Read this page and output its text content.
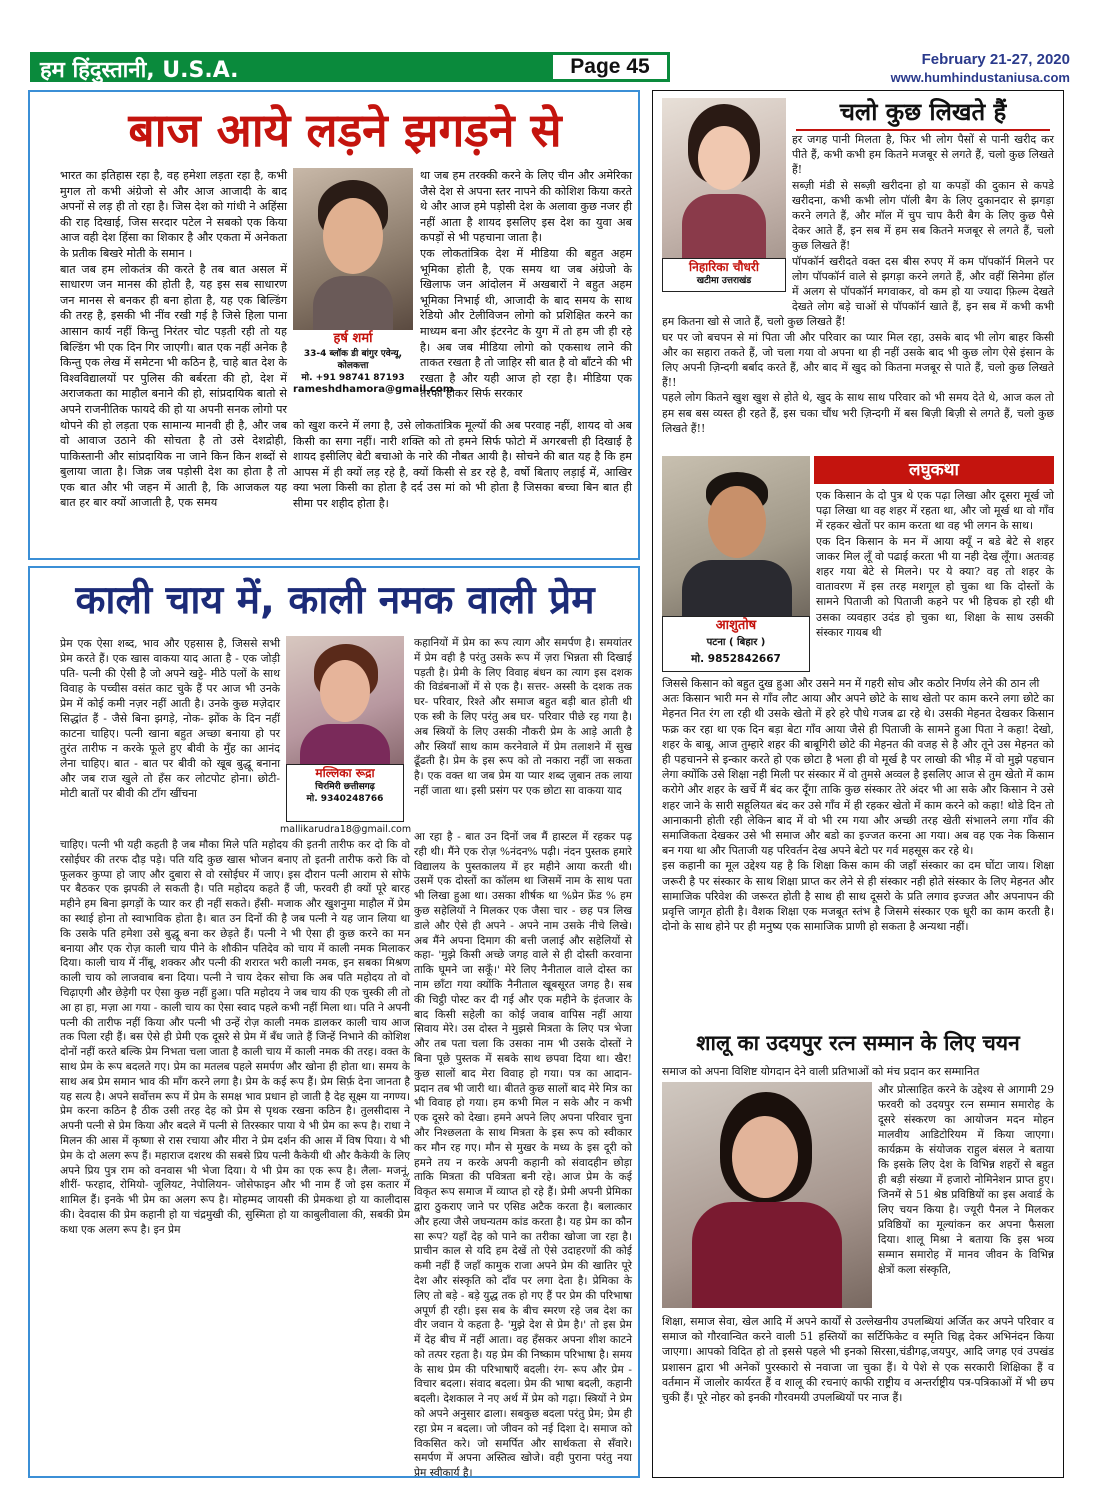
हम हिंदुस्तानी, U.S.A.	Page 45	February 21-27, 2020
www.humhindustaniusa.com
बाज आये लड़ने झगड़ने से
भारत का इतिहास रहा है, वह हमेशा लड़ता रहा है, कभी मुगल तो कभी अंग्रेजो से और आज आजादी के बाद अपनों से लड़ ही तो रहा है। जिस देश को गांधी ने अहिंसा की राह दिखाई, जिस सरदार पटेल ने सबको एक किया आज वही देश हिंसा का शिकार है और एकता में अनेकता के प्रतीक बिखरे मोती के समान ।
बात जब हम लोकतंत्र की करते है तब बात असल में साधारण जन मानस की होती है, यह इस सब साधारण जन मानस से बनकर ही बना होता है, यह एक बिल्डिंग की तरह है, इसकी भी नींव रखी गई है जिसे हिला पाना आसान कार्य नहीं किन्तु निरंतर चोट पड़ती रही तो यह बिल्डिंग भी एक दिन गिर जाएगी। बात एक नहीं अनेक है किन्तु एक लेख में समेटना भी कठिन है, चाहे बात देश के विश्वविद्यालयों पर पुलिस की बर्बरता की हो, देश में अराजकता का माहौल बनाने की हो, सांप्रदायिक बातो से अपने राजनीतिक फायदे की हो या अपनी सनक लोगो पर थोपने की हो लड़ता एक सामान्य मानवी ही है, और जब वो आवाज उठाने की सोचता है तो उसे देशद्रोही, पाकिस्तानी और सांप्रदायिक ना जाने किन किन शब्दों से बुलाया जाता है। जिक्र जब पड़ोसी देश का होता है तो एक बात और भी जहन में आती है, कि आजकल यह बात हर बार क्यों आजाती है, एक समय
हर्ष शर्मा
33-4 ब्लॉक डी बांगुर एवेन्यू, कोलकत्ता
मो. +91 98741 87193
rameshdhamora@gmail.com
था जब हम तरक्की करने के लिए चीन और अमेरिका जैसे देश से अपना स्तर नापने की कोशिश किया करते थे और आज हमे पड़ोसी देश के अलावा कुछ नजर ही नहीं आता है शायद इसलिए इस देश का युवा अब कपड़ों से भी पहचाना जाता है।
एक लोकतांत्रिक देश में मीडिया की बहुत अहम भूमिका होती है, एक समय था जब अंग्रेजो के खिलाफ जन आंदोलन में अखबारों ने बहुत अहम भूमिका निभाई थी, आजादी के बाद समय के साथ रेडियो और टेलीविजन लोगो को प्रशिक्षित करने का माध्यम बना और इंटरनेट के युग में तो हम जी ही रहे है। अब जब मीडिया लोगो को एकसाथ लाने की ताकत रखता है तो जाहिर सी बात है वो बाँटने की भी रखता है और यही आज हो रहा है। मीडिया एक तरफा होकर सिर्फ सरकार
को खुश करने में लगा है, उसे लोकतांत्रिक मूल्यों की अब परवाह नहीं, शायद वो अब किसी का सगा नहीं। नारी शक्ति को तो हमने सिर्फ फोटो में अगरबत्ती ही दिखाई है शायद इसीलिए बेटी बचाओ के नारे की नौबत आयी है। सोचने की बात यह है कि हम आपस में ही क्यों लड़ रहे है, क्यों किसी से डर रहे है, वर्षो बिताए लड़ाई में, आखिर क्या भला किसी का होता है दर्द उस मां को भी होता है जिसका बच्चा बिन बात ही सीमा पर शहीद होता है।
काली चाय में, काली नमक वाली प्रेम
प्रेम एक ऐसा शब्द, भाव और एहसास है, जिससे सभी प्रेम करते हैं। एक खास वाकया याद आता है - एक जोड़ी पति- पत्नी की ऐसी है जो अपने खट्टे- मीठे पलों के साथ विवाह के पच्चीस वसंत काट चुके हैं पर आज भी उनके प्रेम में कोई कमी नज़र नहीं आती है। उनके कुछ मज़ेदार सिद्धांत हैं - जैसे बिना झगड़े, नोक- झोंक के दिन नहीं काटना चाहिए। पत्नी खाना बहुत अच्छा बनाया हो पर तुरंत तारीफ न करके फूले हुए बीवी के मुँह का आनंद लेना चाहिए। बात - बात पर बीवी को खूब बुद्धू बनाना और जब राज खुले तो हँस कर लोटपोट होना। छोटी- मोटी बातों पर बीवी की टाँग खींचना
मल्लिका रूद्रा
चिरमिरी छत्तीसगढ़
मो. 9340248766
mallikarudra18@gmail.com
चाहिए। पत्नी भी यही कहती है जब मौका मिले पति महोदय की इतनी तारीफ कर दो कि वो रसोईघर की तरफ दौड़ पड़े। पति यदि कुछ खास भोजन बनाए तो इतनी तारीफ करो कि वो फूलकर कुप्पा हो जाए और दुबारा से वो रसोईघर में जाए। इस दौरान पत्नी आराम से सोफे पर बैठकर एक झपकी ले सकती है। पति महोदय कहते हैं जी, फरवरी ही क्यों पूरे बारह महीने हम बिना झगड़ों के प्यार कर ही नहीं सकते। हँसी- मजाक और खुशनुमा माहौल में प्रेम का स्थाई होना तो स्वाभाविक होता है। बात उन दिनों की है जब पत्नी ने यह जान लिया था कि उसके पति हमेशा उसे बुद्धू बना कर छेड़ते हैं। पत्नी ने भी ऐसा ही कुछ करने का मन बनाया और एक रोज़ काली चाय पीने के शौकीन पतिदेव को चाय में काली नमक मिलाकर दिया। काली चाय में नींबू, शक्कर और पत्नी की शरारत भरी काली नमक, इन सबका मिश्रण काली चाय को लाजवाब बना दिया। पत्नी ने चाय देकर सोचा कि अब पति महोदय तो वो चिढ़ाएगी और छेड़ेगी पर ऐसा कुछ नहीं हुआ। पति महोदय ने जब चाय की एक चुस्की ली तो आ हा हा, मज़ा आ गया - काली चाय का ऐसा स्वाद पहले कभी नहीं मिला था। पति ने अपनी पत्नी की तारीफ नहीं किया और पत्नी भी उन्हें रोज़ काली नमक डालकर काली चाय आज तक पिला रही हैं। बस ऐसे ही प्रेमी एक दूसरे से प्रेम में बँध जाते हैं जिन्हें निभाने की कोशिश दोनों नहीं करते बल्कि प्रेम निभता चला जाता है काली चाय में काली नमक की तरह। वक्त के साथ प्रेम के रूप बदलते गए। प्रेम का मतलब पहले समर्पण और खोना ही होता था। समय के साथ अब प्रेम समान भाव की माँग करने लगा है। प्रेम के कई रूप हैं। प्रेम सिर्फ़ देना जानता है यह सत्य है। अपने सर्वोत्तम रूप में प्रेम के समक्ष भाव प्रधान हो जाती है देह सूक्ष्म या नगण्य। प्रेम करना कठिन है ठीक उसी तरह देह को प्रेम से पृथक रखना कठिन है। तुलसीदास ने अपनी पत्नी से प्रेम किया और बदले में पत्नी से तिरस्कार पाया ये भी प्रेम का रूप है। राधा ने मिलन की आस में कृष्णा से रास रचाया और मीरा ने प्रेम दर्शन की आस में विष पिया। ये भी प्रेम के दो अलग रूप हैं। महाराज दशरथ की सबसे प्रिय पत्नी कैकेयी थी और कैकेयी के लिए अपने प्रिय पुत्र राम को वनवास भी भेजा दिया। ये भी प्रेम का एक रूप है। लैला- मजनूं, शीरीं- फरहाद, रोमियो- जूलियट, नेपोलियन- जोसेफाइन और भी नाम हैं जो इस कतार में शामिल हैं। इनके भी प्रेम का अलग रूप है। मोहम्मद जायसी की प्रेमकथा हो या कालीदास की। देवदास की प्रेम कहानी हो या चंद्रमुखी की, सुस्मिता हो या काबुलीवाला की, सबकी प्रेम कथा एक अलग रूप है। इन प्रेम
कहानियों में प्रेम का रूप त्याग और समर्पण है। समयांतर में प्रेम वही है परंतु उसके रूप में ज़रा भिन्नता सी दिखाई पड़ती है। प्रेमी के लिए विवाह बंधन का त्याग इस दशक की विडंबनाओं में से एक है। सत्तर- अस्सी के दशक तक घर- परिवार, रिश्ते और समाज बहुत बड़ी बात होती थी एक स्त्री के लिए परंतु अब घर- परिवार पीछे रह गया है। अब स्त्रियों के लिए उसकी नौकरी प्रेम के आड़े आती है और स्त्रियाँ साथ काम करनेवाले में प्रेम तलाशने में सुख ढूँढती है। प्रेम के इस रूप को तो नकारा नहीं जा सकता है। एक वक्त था जब प्रेम या प्यार शब्द ज़ुबान तक लाया नहीं जाता था। इसी प्रसंग पर एक छोटा सा वाकया याद
आ रहा है - बात उन दिनों जब मैं हास्टल में रहकर पढ़ रही थी। मैंने एक रोज़ %नंदन% पढ़ी। नंदन पुस्तक हमारे विद्यालय के पुस्तकालय में हर महीने आया करती थी। उसमें एक दोस्तों का कॉलम था जिसमें नाम के साथ पता भी लिखा हुआ था। उसका शीर्षक था %प्रेन फ्रेंड % हम कुछ सहेलियों ने मिलकर एक जैसा चार - छह पत्र लिख डाले और ऐसे ही अपने - अपने नाम उसके नीचे लिखे। अब मैंने अपना दिमाग की बत्ती जलाई और सहेलियों से कहा- 'मुझे किसी अच्छे जगह वाले से ही दोस्ती करवाना ताकि घूमने जा सकूँ।' मेरे लिए नैनीताल वाले दोस्त का नाम छाँटा गया क्योंकि नैनीताल खूबसूरत जगह है। सब की चिट्ठी पोस्ट कर दी गई और एक महीने के इंतजार के बाद किसी सहेली का कोई जवाब वापिस नहीं आया सिवाय मेरे। उस दोस्त ने मुझसे मित्रता के लिए पत्र भेजा और तब पता चला कि उसका नाम भी उसके दोस्तों ने बिना पूछे पुस्तक में सबके साथ छपवा दिया था। खैर! कुछ सालों बाद मेरा विवाह हो गया। पत्र का आदान- प्रदान तब भी जारी था। बीतते कुछ सालों बाद मेरे मित्र का भी विवाह हो गया। हम कभी मिल न सके और न कभी एक दूसरे को देखा। हमने अपने लिए अपना परिवार चुना और निश्छलता के साथ मित्रता के इस रूप को स्वीकार कर मौन रह गए। मौन से मुखर के मध्य के इस दूरी को हमने तय न करके अपनी कहानी को संवादहीन छोड़ा ताकि मित्रता की पवित्रता बनी रहे। आज प्रेम के कई विकृत रूप समाज में व्याप्त हो रहे हैं। प्रेमी अपनी प्रेमिका द्वारा ठुकराए जाने पर एसिड अटैक करता है। बलात्कार और हत्या जैसे जघन्यतम कांड करता है। यह प्रेम का कौन सा रूप? यहाँ देह को पाने का तरीका खोजा जा रहा है। प्राचीन काल से यदि हम देखें तो ऐसे उदाहरणों की कोई कमी नहीं हैं जहाँ कामुक राजा अपने प्रेम की खातिर पूरे देश और संस्कृति को दाँव पर लगा देता है। प्रेमिका के लिए तो बड़े - बड़े युद्ध तक हो गए हैं पर प्रेम की परिभाषा अपूर्ण ही रही। इस सब के बीच स्मरण रहे जब देश का वीर जवान ये कहता है- 'मुझे देश से प्रेम है।' तो इस प्रेम में देह बीच में नहीं आता। वह हँसकर अपना शीश काटने को तत्पर रहता है। यह प्रेम की निष्काम परिभाषा है। समय के साथ प्रेम की परिभाषाएँ बदली। रंग- रूप और प्रेम - विचार बदला। संवाद बदला। प्रेम की भाषा बदली, कहानी बदली। देशकाल ने नए अर्थ में प्रेम को गढ़ा। स्त्रियों ने प्रेम को अपने अनुसार ढाला। सबकुछ बदला परंतु प्रेम; प्रेम ही रहा प्रेम न बदला। जो जीवन को नई दिशा दे। समाज को विकसित करे। जो समर्पित और सार्थकता से सँवारे। समर्पण में अपना अस्तित्व खोजे। वही पुराना परंतु नया प्रेम स्वीकार्य है।
निहारिका चौधरी
खटीमा उत्तराखंड
चलो कुछ लिखते हैं
हर जगह पानी मिलता है, फिर भी लोग पैसों से पानी खरीद कर पीते हैं, कभी कभी हम कितने मजबूर से लगते हैं, चलो कुछ लिखते हैं!
सब्ज़ी मंडी से सब्ज़ी खरीदना हो या कपड़ों की दुकान से कपडे खरीदना, कभी कभी लोग पॉली बैग के लिए दुकानदार से झगड़ा करने लगते हैं, और मॉल में चुप चाप कैरी बैग के लिए कुछ पैसे देकर आते हैं, इन सब में हम सब कितने मजबूर से लगते हैं, चलो कुछ लिखते हैं!
पॉपकॉर्न खरीदते वक्त दस बीस रुपए में कम पॉपकॉर्न मिलने पर लोग पॉपकॉर्न वाले से झगड़ा करने लगते हैं, और वहीं सिनेमा हॉल में अलग से पॉपकॉर्न मगवाकर, वो कम हो या ज्यादा फ़िल्म देखते देखते लोग बड़े चाओं से पॉपकॉर्न खाते हैं, इन सब में कभी कभी हम कितना खो से जाते हैं, चलो कुछ लिखते हैं!
घर पर जो बचपन से मां पिता जी और परिवार का प्यार मिल रहा, उसके बाद भी लोग बाहर किसी और का सहारा तकते हैं, जो चला गया वो अपना था ही नहीं उसके बाद भी कुछ लोग ऐसे इंसान के लिए अपनी ज़िन्दगी बर्बाद करते हैं, और बाद में खुद को कितना मजबूर से पाते हैं, चलो कुछ लिखते हैं!!
पहले लोग कितने खुश खुश से होते थे, खुद के साथ साथ परिवार को भी समय देते थे, आज कल तो हम सब बस व्यस्त ही रहते हैं, इस चका चौंध भरी ज़िन्दगी में बस बिज़ी बिज़ी से लगते हैं, चलो कुछ लिखते हैं!!
आशुतोष
पटना ( बिहार )
मो. 9852842667
लघुकथा
एक किसान के दो पुत्र थे एक पढ़ा लिखा और दूसरा मूर्ख जो पढ़ा लिखा था वह शहर में रहता था, और जो मूर्ख था वो गाँव में रहकर खेतों पर काम करता था वह भी लगन के साथ।
एक दिन किसान के मन में आया क्यूँ न बडे बेटे से शहर जाकर मिल लूँ वो पढाई करता भी या नही देख लूँगा। अतःवह शहर गया बेटे से मिलने। पर ये क्या? वह तो शहर के वातावरण में इस तरह मशगूल हो चुका था कि दोस्तों के सामने पिताजी को पिताजी कहने पर भी हिचक हो रही थी उसका व्यवहार उदंड हो चुका था, शिक्षा के साथ उसकी संस्कार गायब थी
जिससे किसान को बहुत दुख हुआ और उसने मन में गहरी सोच और कठोर निर्णय लेने की ठान ली
अतः किसान भारी मन से गाँव लौट आया और अपने छोटे के साथ खेतो पर काम करने लगा छोटे का मेहनत नित रंग ला रही थी उसके खेतो में हरे हरे पौधे गजब ढा रहे थे। उसकी मेहनत देखकर किसान फक्र कर रहा था एक दिन बड़ा बेटा गाँव आया जैसे ही पिताजी के सामने हुआ पिता ने कहा! देखो, शहर के बाबू, आज तुम्हारे शहर की बाबूगिरी छोटे की मेहनत की वजह से है और तूने उस मेहनत को ही पहचानने से इन्कार करते हो एक छोटा है भला ही वो मूर्ख है पर लाखो की भीड़ में वो मुझे पहचान लेगा क्योंकि उसे शिक्षा नही मिली पर संस्कार में वो तुमसे अव्वल है इसलिए आज से तुम खेतो में काम करोगे और शहर के खर्चे मैं बंद कर दूँगा ताकि कुछ संस्कार तेरे अंदर भी आ सके और किसान ने उसे शहर जाने के सारी सहूलियत बंद कर उसे गाँव में ही रहकर खेतो में काम करने को कहा! थोडे दिन तो आनाकानी होती रही लेकिन बाद में वो भी रम गया और अच्छी तरह खेती संभालने लगा गाँव की समाजिकता देखकर उसे भी समाज और बडो का इज्जत करना आ गया। अब वह एक नेक किसान बन गया था और पिताजी यह परिवर्तन देख अपने बेटो पर गर्व महसूस कर रहे थे।
इस कहानी का मूल उद्देश्य यह है कि शिक्षा किस काम की जहाँ संस्कार का दम घोंटा जाय। शिक्षा जरूरी है पर संस्कार के साथ शिक्षा प्राप्त कर लेने से ही संस्कार नही होते संस्कार के लिए मेहनत और सामाजिक परिवेश की जरूरत होती है साथ ही साथ दूसरो के प्रति लगाव इज्जत और अपनापन की प्रवृत्ति जागृत होती है। वैशक शिक्षा एक मजबूत स्तंभ है जिसमे संस्कार एक धूरी का काम करती है। दोनो के साथ होने पर ही मनुष्य एक सामाजिक प्राणी हो सकता है अन्यथा नहीं।
शालू का उदयपुर रत्न सम्मान के लिए चयन
समाज को अपना विशिष्ट योगदान देने वाली प्रतिभाओं को मंच प्रदान कर सम्मानित
और प्रोत्साहित करने के उद्देश्य से आगामी 29 फरवरी को उदयपुर रत्न सम्मान समारोह के दूसरे संस्करण का आयोजन मदन मोहन मालवीय आडिटोरियम में किया जाएगा। कार्यक्रम के संयोजक राहुल बंसल ने बताया कि इसके लिए देश के विभिन्न शहरों से बहुत ही बड़ी संख्या में हजारो नोमिनेशन प्राप्त हुए। जिनमें से 51 श्रेष्ठ प्रविष्ठियों का इस अवार्ड के लिए चयन किया है। ज्यूरी पैनल ने मिलकर प्रविष्ठियों का मूल्यांकन कर अपना फैसला दिया। शालू मिश्रा ने बताया कि इस भव्य सम्मान समारोह में मानव जीवन के विभिन्न क्षेत्रों कला संस्कृति,
शिक्षा, समाज सेवा, खेल आदि में अपने कार्यों से उल्लेखनीय उपलब्धियां अर्जित कर अपने परिवार व समाज को गौरवान्वित करने वाली 51 हस्तियों का सर्टिफिकेट व स्मृति चिह्न देकर अभिनंदन किया जाएगा। आपको विदित हो तो इससे पहले भी इनको सिरसा,चंडीगढ़,जयपुर, आदि जगह एवं उपखंड प्रशासन द्वारा भी अनेकों पुरस्कारो से नवाजा जा चुका हैं। ये पेशे से एक सरकारी शिक्षिका हैं व वर्तमान में जालोर कार्यरत हैं व शालू की रचनाएं काफी राष्ट्रीय व अन्तर्राष्ट्रीय पत्र-पत्रिकाओं में भी छप चुकी हैं। पूरे नोहर को इनकी गौरवमयी उपलब्धियों पर नाज हैं।
